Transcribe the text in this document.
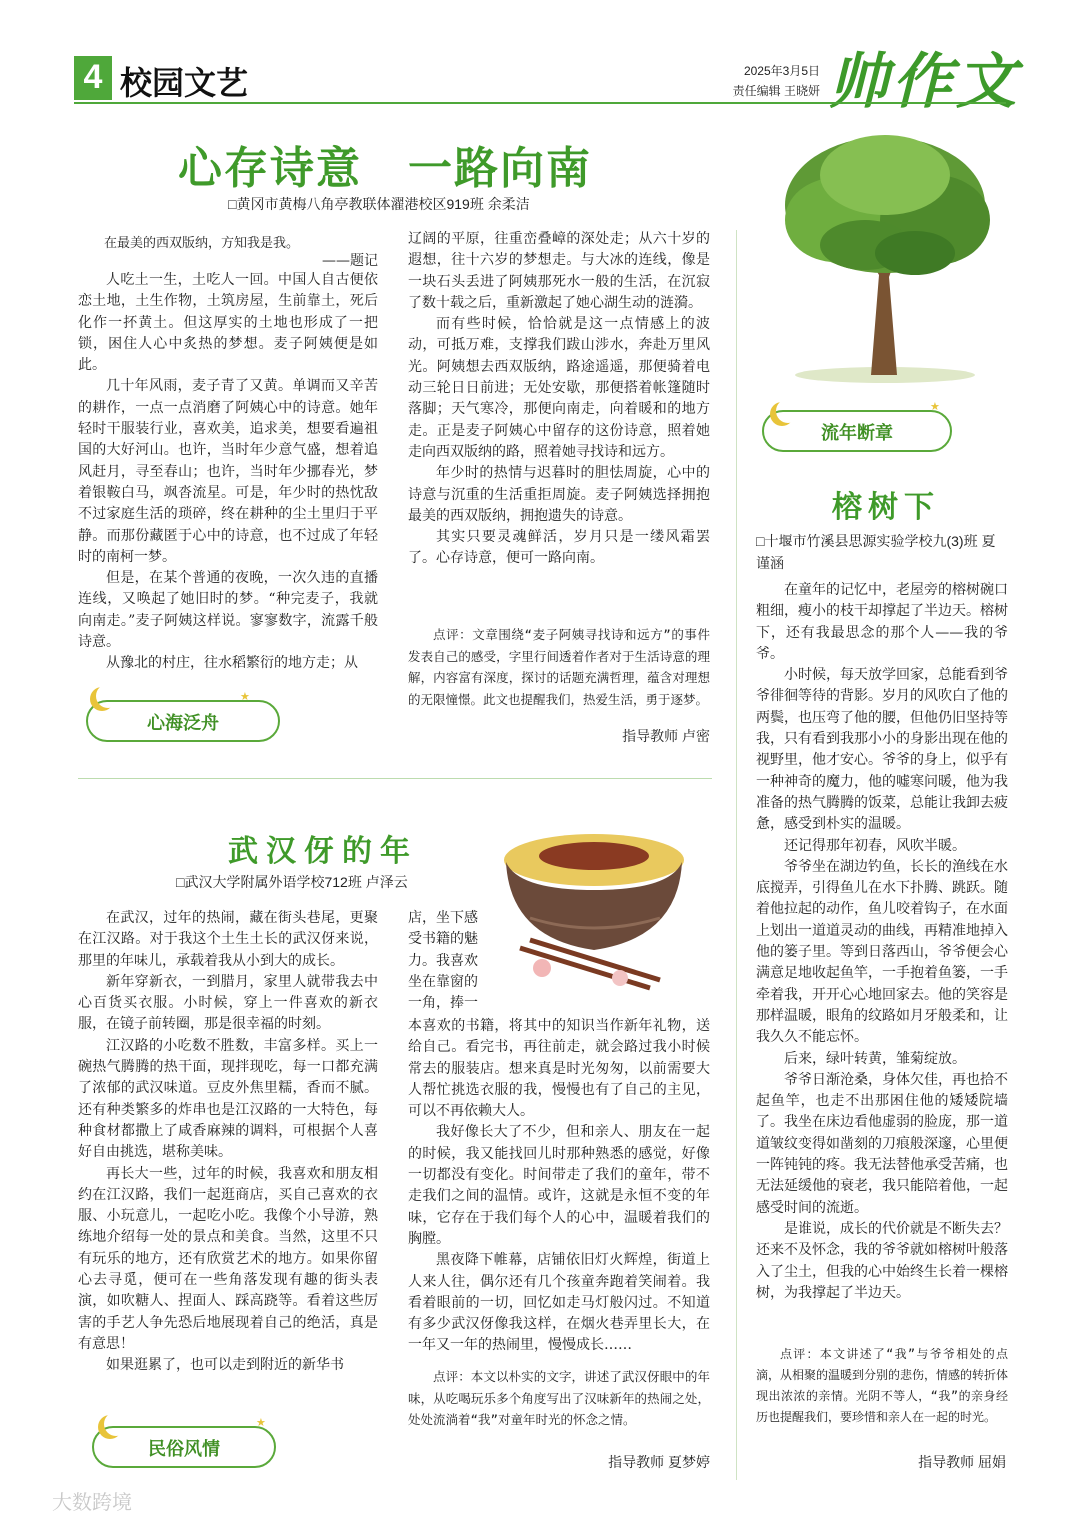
4 校园文艺	2025年3月5日
责任编辑 王晓妍 帅作文
心存诗意　一路向南
□黄冈市黄梅八角亭教联体濯港校区919班 余柔洁
在最美的西双版纳，方知我是我。
——题记

人吃土一生，土吃人一回。中国人自古便依恋土地，土生作物，土筑房屋，生前靠土，死后化作一抔黄土。但这厚实的土地也形成了一把锁，困住人心中炙热的梦想。麦子阿姨便是如此。

几十年风雨，麦子青了又黄。单调而又辛苦的耕作，一点一点消磨了阿姨心中的诗意。她年轻时干服装行业，喜欢美，追求美，想要看遍祖国的大好河山。也许，当时年少意气盛，想着追风赶月，寻至春山；也许，当时年少挪春光，梦着银鞍白马，飒沓流星。可是，年少时的热忱敌不过家庭生活的琐碎，终在耕种的尘土里归于平静。而那份藏匿于心中的诗意，也不过成了年轻时的南柯一梦。

但是，在某个普通的夜晚，一次久违的直播连线，又唤起了她旧时的梦。“种完麦子，我就向南走。”麦子阿姨这样说。寥寥数字，流露千般诗意。

从豫北的村庄，往水稻繁衍的地方走；从

心海泛舟
★

辽阔的平原，往重峦叠嶂的深处走；从六十岁的遐想，往十六岁的梦想走。与大冰的连线，像是一块石头丢进了阿姨那死水一般的生活，在沉寂了数十载之后，重新激起了她心湖生动的涟漪。

而有些时候，恰恰就是这一点情感上的波动，可抵万难，支撑我们跋山涉水，奔赴万里风光。阿姨想去西双版纳，路途遥遥，那便骑着电动三轮日日前进；无处安歇，那便搭着帐篷随时落脚；天气寒冷，那便向南走，向着暖和的地方走。正是麦子阿姨心中留存的这份诗意，照着她走向西双版纳的路，照着她寻找诗和远方。

年少时的热情与迟暮时的胆怯周旋，心中的诗意与沉重的生活重拒周旋。麦子阿姨选择拥抱最美的西双版纳，拥抱遗失的诗意。

其实只要灵魂鲜活，岁月只是一缕风霜罢了。心存诗意，便可一路向南。

点评：文章围绕“麦子阿姨寻找诗和远方”的事件发表自己的感受，字里行间透着作者对于生活诗意的理解，内容富有深度，探讨的话题充满哲理，蕴含对理想的无限憧憬。此文也提醒我们，热爱生活，勇于逐梦。
指导教师 卢密
流年断章
★
榕树下
□十堰市竹溪县思源实验学校九(3)班 夏谨涵

在童年的记忆中，老屋旁的榕树碗口粗细，瘦小的枝干却撑起了半边天。榕树下，还有我最思念的那个人——我的爷爷。

小时候，每天放学回家，总能看到爷爷徘徊等待的背影。岁月的风吹白了他的两鬓，也压弯了他的腰，但他仍旧坚持等我，只有看到我那小小的身影出现在他的视野里，他才安心。爷爷的身上，似乎有一种神奇的魔力，他的嘘寒问暖，他为我准备的热气腾腾的饭菜，总能让我卸去疲惫，感受到朴实的温暖。

还记得那年初春，风吹半暖。

爷爷坐在湖边钓鱼，长长的渔线在水底搅弄，引得鱼儿在水下扑腾、跳跃。随着他拉起的动作，鱼儿咬着钩子，在水面上划出一道道灵动的曲线，再精准地掉入他的篓子里。等到日落西山，爷爷便会心满意足地收起鱼竿，一手抱着鱼篓，一手牵着我，开开心心地回家去。他的笑容是那样温暖，眼角的纹路如月牙般柔和，让我久久不能忘怀。

后来，绿叶转黄，雏菊绽放。

爷爷日渐沧桑，身体欠佳，再也拾不起鱼竿，也走不出那困住他的矮矮院墙了。我坐在床边看他虚弱的脸庞，那一道道皱纹变得如凿刻的刀痕般深邃，心里便一阵钝钝的疼。我无法替他承受苦痛，也无法延缓他的衰老，我只能陪着他，一起感受时间的流逝。

是谁说，成长的代价就是不断失去？还来不及怀念，我的爷爷就如榕树叶般落入了尘土，但我的心中始终生长着一棵榕树，为我撑起了半边天。

点评：本文讲述了“我”与爷爷相处的点滴，从相聚的温暖到分别的悲伤，情感的转折体现出浓浓的亲情。光阴不等人，“我”的亲身经历也提醒我们，要珍惜和亲人在一起的时光。
指导教师 屈娟
武汉伢的年
□武汉大学附属外语学校712班 卢泽云

在武汉，过年的热闹，藏在街头巷尾，更聚在江汉路。对于我这个土生土长的武汉伢来说，那里的年味儿，承载着我从小到大的成长。

新年穿新衣，一到腊月，家里人就带我去中心百货买衣服。小时候，穿上一件喜欢的新衣服，在镜子前转圈，那是很幸福的时刻。

江汉路的小吃数不胜数，丰富多样。买上一碗热气腾腾的热干面，现拌现吃，每一口都充满了浓郁的武汉味道。豆皮外焦里糯，香而不腻。还有种类繁多的炸串也是江汉路的一大特色，每种食材都撒上了咸香麻辣的调料，可根据个人喜好自由挑选，堪称美味。

再长大一些，过年的时候，我喜欢和朋友相约在江汉路，我们一起逛商店，买自己喜欢的衣服、小玩意儿，一起吃小吃。我像个小导游，熟练地介绍每一处的景点和美食。当然，这里不只有玩乐的地方，还有欣赏艺术的地方。如果你留心去寻觅，便可在一些角落发现有趣的街头表演，如吹糖人、捏面人、踩高跷等。看着这些厉害的手艺人争先恐后地展现着自己的绝活，真是有意思！

如果逛累了，也可以走到附近的新华书

店，坐下感

受书籍的魅

力。我喜欢

坐在靠窗的

一角，捧一

本喜欢的书籍，将其中的知识当作新年礼物，送给自己。看完书，再往前走，就会路过我小时候常去的服装店。想来真是时光匆匆，以前需要大人帮忙挑选衣服的我，慢慢也有了自己的主见，可以不再依赖大人。

我好像长大了不少，但和亲人、朋友在一起的时候，我又能找回儿时那种熟悉的感觉，好像一切都没有变化。时间带走了我们的童年，带不走我们之间的温情。或许，这就是永恒不变的年味，它存在于我们每个人的心中，温暖着我们的胸膛。

黑夜降下帷幕，店铺依旧灯火辉煌，街道上人来人往，偶尔还有几个孩童奔跑着笑闹着。我看着眼前的一切，回忆如走马灯般闪过。不知道有多少武汉伢像我这样，在烟火巷弄里长大，在一年又一年的热闹里，慢慢成长……

点评：本文以朴实的文字，讲述了武汉伢眼中的年味，从吃喝玩乐多个角度写出了汉味新年的热闹之处，处处流淌着“我”对童年时光的怀念之情。
指导教师 夏梦婷
民俗风情
★
大数跨境
